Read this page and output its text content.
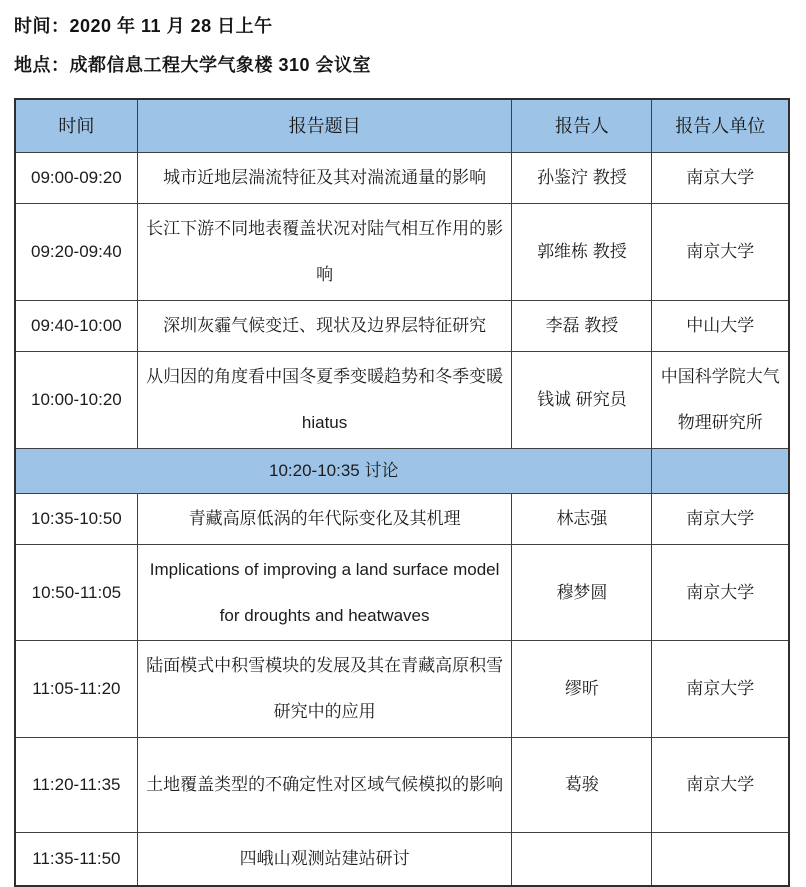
时间：2020 年 11 月 28 日上午
地点：成都信息工程大学气象楼 310 会议室
时间	报告题目	报告人	报告人单位
09:00-09:20	城市近地层湍流特征及其对湍流通量的影响	孙鉴泞 教授	南京大学
09:20-09:40	长江下游不同地表覆盖状况对陆气相互作用的影响	郭维栋 教授	南京大学
09:40-10:00	深圳灰霾气候变迁、现状及边界层特征研究	李磊 教授	中山大学
10:00-10:20	从归因的角度看中国冬夏季变暖趋势和冬季变暖 hiatus	钱诚 研究员	中国科学院大气物理研究所
10:20-10:35 讨论			
10:35-10:50	青藏高原低涡的年代际变化及其机理	林志强	南京大学
10:50-11:05	Implications of improving a land surface model for droughts and heatwaves	穆梦圆	南京大学
11:05-11:20	陆面模式中积雪模块的发展及其在青藏高原积雪研究中的应用	缪昕	南京大学
11:20-11:35	土地覆盖类型的不确定性对区域气候模拟的影响	葛骏	南京大学
11:35-11:50	四峨山观测站建站研讨		
